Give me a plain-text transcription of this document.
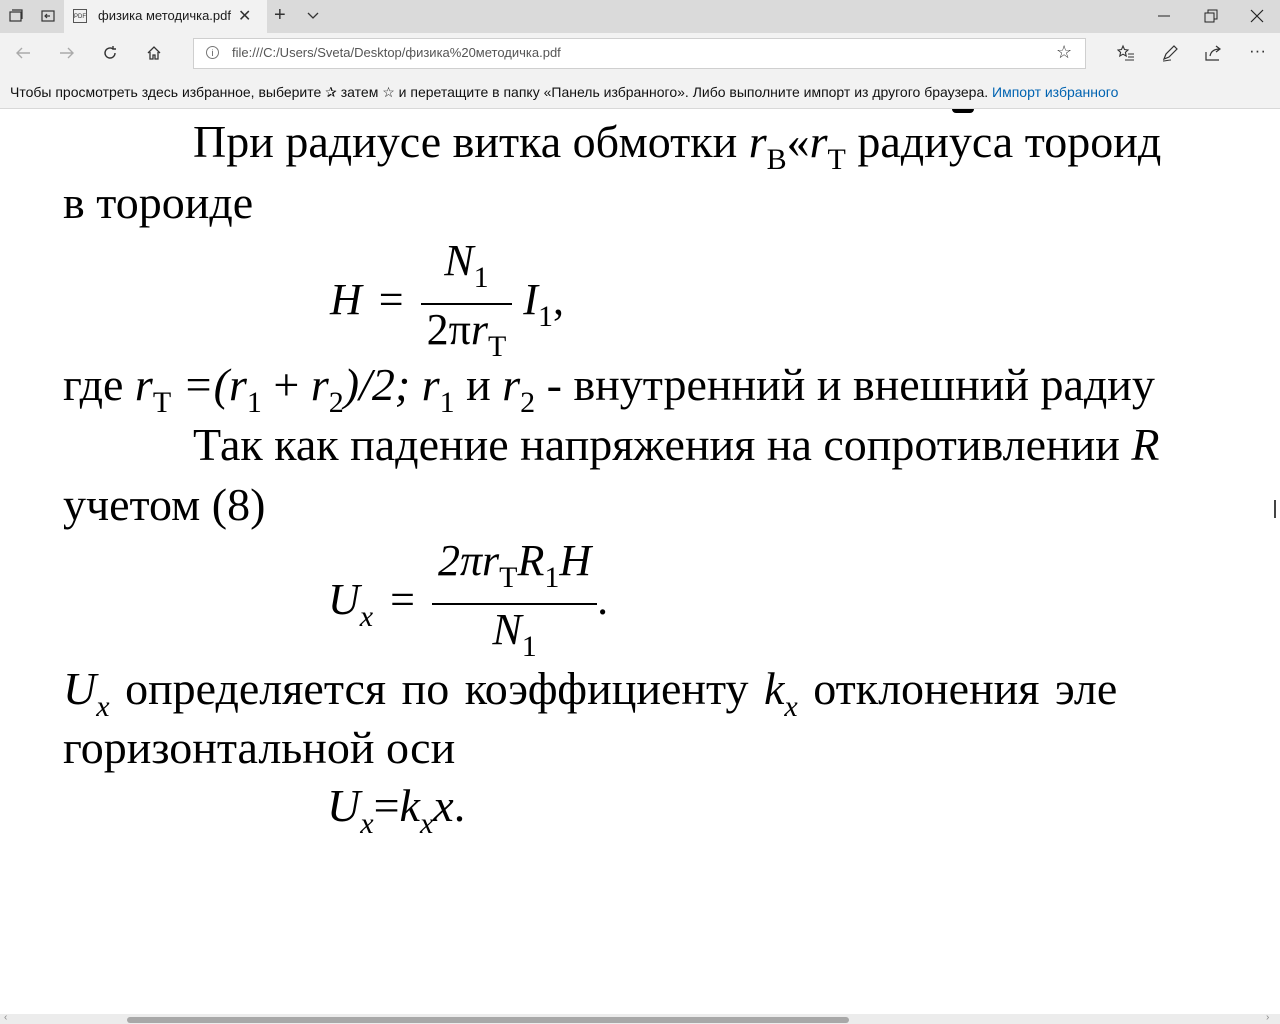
PDF физика методичка.pdf ✕ +
i	file:///C:/Users/Sveta/Desktop/физика%20методичка.pdf	☆	···
Чтобы просмотреть здесь избранное, выберите ✰ затем ☆ и перетащите в папку «Панель избранного». Либо выполните импорт из другого браузера. Импорт избранного
При радиусе витка обмотки $r_В«r_Т$ радиуса тороид
в тороиде
$H = \frac{N_1}{2\pi r_Т} I_1$,
где $r_Т =(r_1 + r_2)/2$; $r_1$ и $r_2$ - внутренний и внешний радиу
Так как падение напряжения на сопротивлении R
учетом (8)
$U_x = \frac{2\pi r_ТR_1H}{N_1}$ .
$U_x$ определяется по коэффициенту $k_x$ отклонения эле
горизонтальной оси
$U_x=k_xx$.
‹	›
